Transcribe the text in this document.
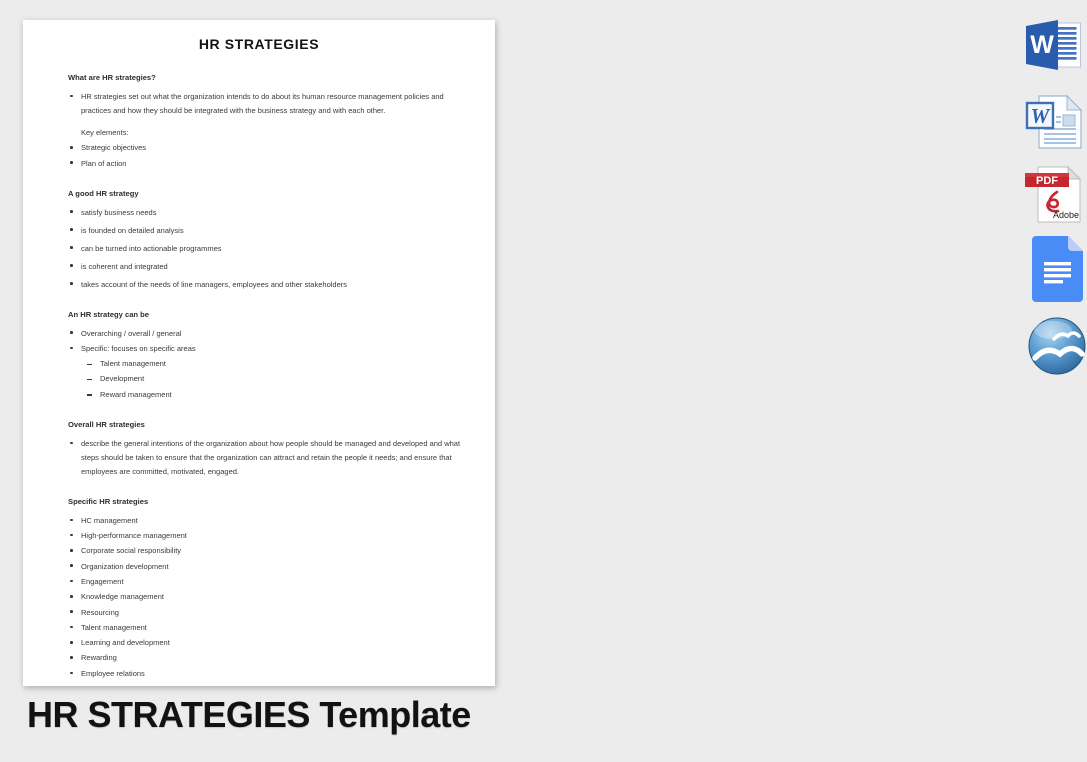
HR STRATEGIES
What are HR strategies?
HR strategies set out what the organization intends to do about its human resource management policies and practices and how they should be integrated with the business strategy and with each other.
Key elements:
Strategic objectives
Plan of action
A good HR strategy
satisfy business needs
is founded on detailed analysis
can be turned into actionable programmes
is coherent and integrated
takes account of the needs of line managers, employees and other stakeholders
An HR strategy can be
Overarching / overall / general
Specific: focuses on specific areas
Talent management
Development
Reward management
Overall HR strategies
describe the general intentions of the organization about how people should be managed and developed and what steps should be taken to ensure that the organization can attract and retain the people it needs; and ensure that employees are committed, motivated, engaged.
Specific HR strategies
HC management
High-performance management
Corporate social responsibility
Organization development
Engagement
Knowledge management
Resourcing
Talent management
Learning and development
Rewarding
Employee relations
W
W
PDF
Adobe
HR STRATEGIES Template
